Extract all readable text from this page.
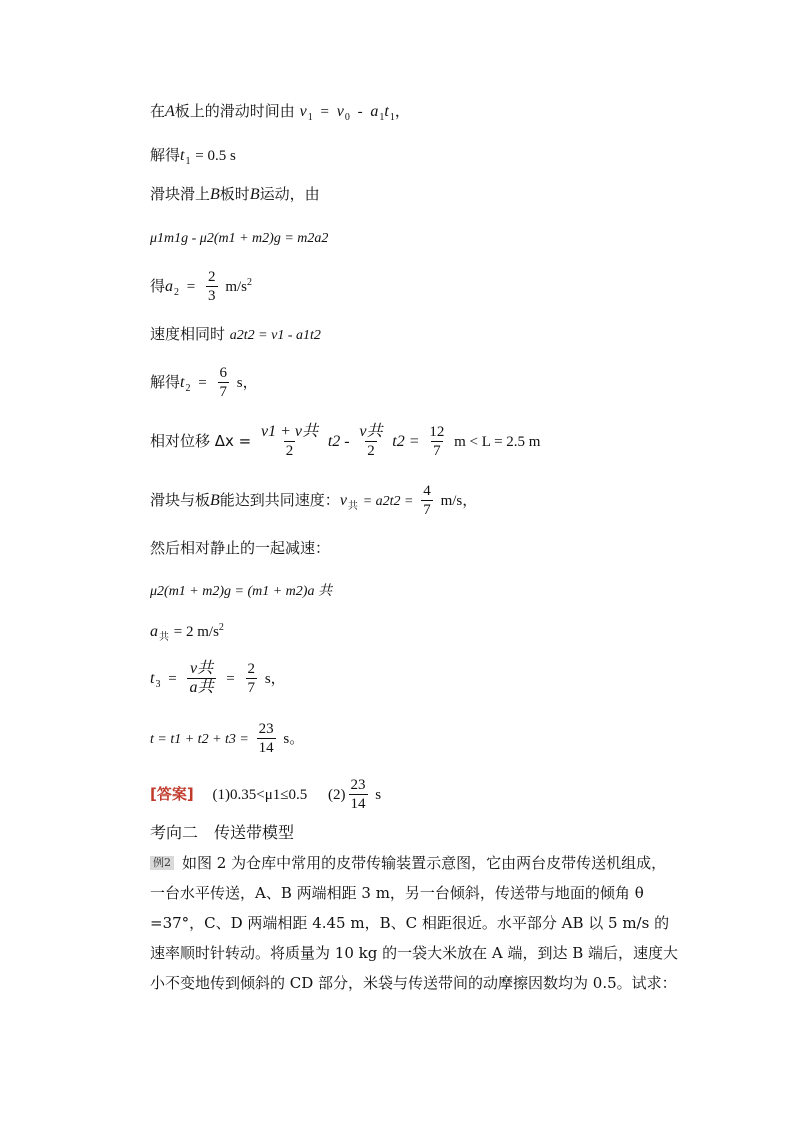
在A板上的滑动时间由 $v_1 = v_0 - a_1t_1$，
解得$t_1 = 0.5$ s
滑块滑上B板时B运动，由
μ1m1g - μ2(m1 + m2)g = m2a2
得$a_2 = \frac{2}{3} m/s^2$
速度相同时 a2t2 = v1 - a1t2
解得$t_2 = \frac{6}{7}$ s，
相对位移 $\Delta x = \frac{\text{v1 + v共}}{2} t2 - \frac{\text{v共}}{2} t2 = \frac{12}{7}$ m < L = 2.5 m
滑块与板B能达到共同速度：$v_共 = a2t2 = \frac{4}{7} m/s$，
然后相对静止的一起减速：
μ2(m1 + m2)g = (m1 + m2)a 共
$a_共 = 2$ $m/s^2$
$t_3 = \frac{\text{v共}}{\text{a共}} = \frac{2}{7}$ s，
$t = t1 + t2 + t3 = \frac{23}{14}$ s。
[答案] (1)0.35<μ1≤0.5 $(2) \frac{23}{14}$ s
考向二　传送带模型
例2 如图 2 为仓库中常用的皮带传输装置示意图，它由两台皮带传送机组成，一台水平传送，A、B 两端相距 3 m，另一台倾斜，传送带与地面的倾角 θ =37°，C、D 两端相距 4.45 m，B、C 相距很近。水平部分 AB 以 5 m/s 的速率顺时针转动。将质量为 10 kg 的一袋大米放在 A 端，到达 B 端后，速度大小不变地传到倾斜的 CD 部分，米袋与传送带间的动摩擦因数均为 0.5。试求：
